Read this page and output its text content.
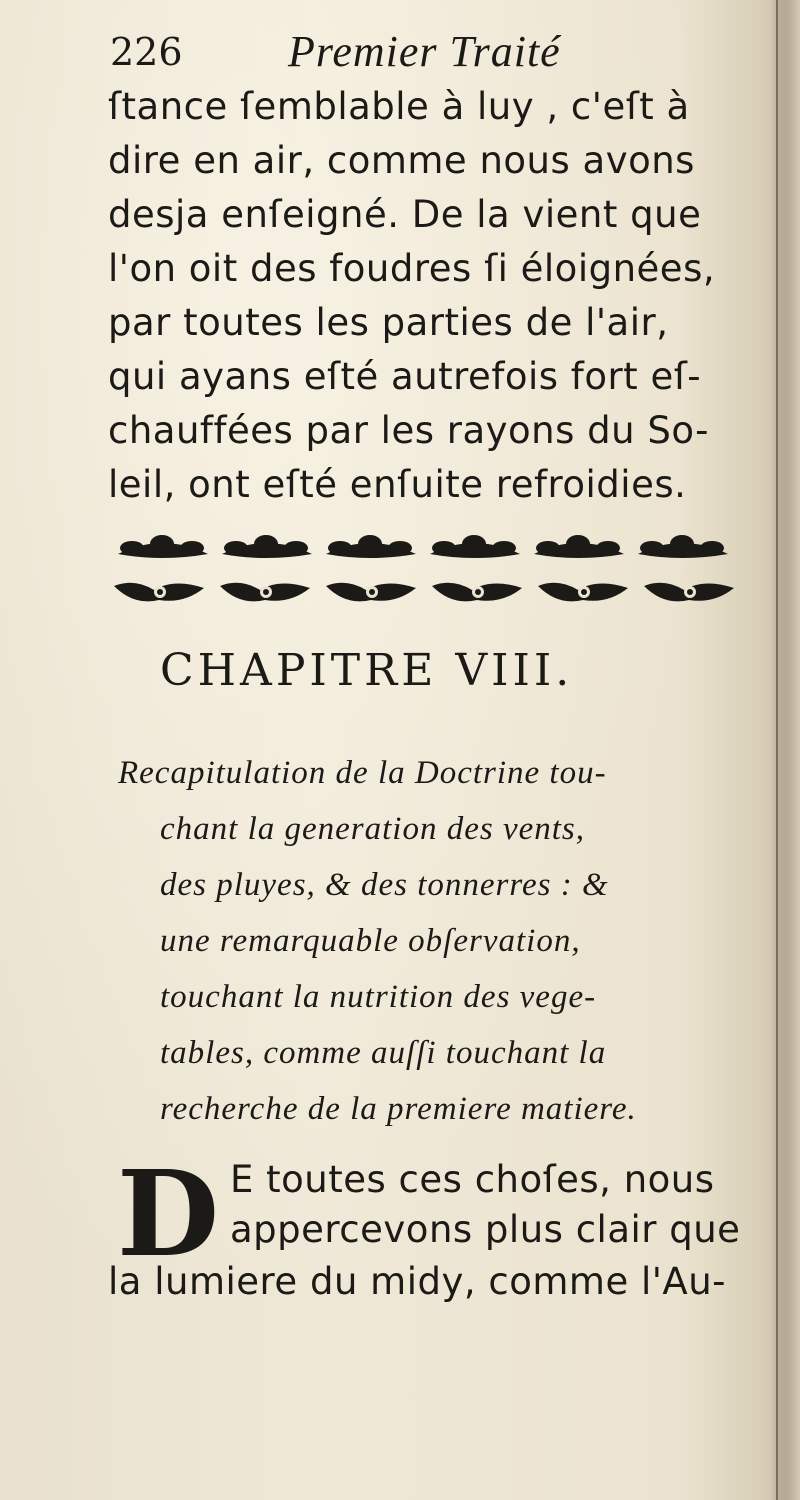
226 Premier Traité
ſtance ſemblable à luy , c'eſt à
dire en air, comme nous avons
desja enſeigné. De la vient que
l'on oit des foudres ſi éloignées,
par toutes les parties de l'air,
qui ayans eſté autrefois fort eſ-
chauffées par les rayons du So-
leil, ont eſté enſuite refroidies.
CHAPITRE VIII.
Recapitulation de la Doctrine tou-
chant la generation des vents,
des pluyes, & des tonnerres : &
une remarquable obſervation,
touchant la nutrition des vege-
tables, comme auſſi touchant la
recherche de la premiere matiere.
D E toutes ces choſes, nous
appercevons plus clair que
la lumiere du midy, comme l'Au-
